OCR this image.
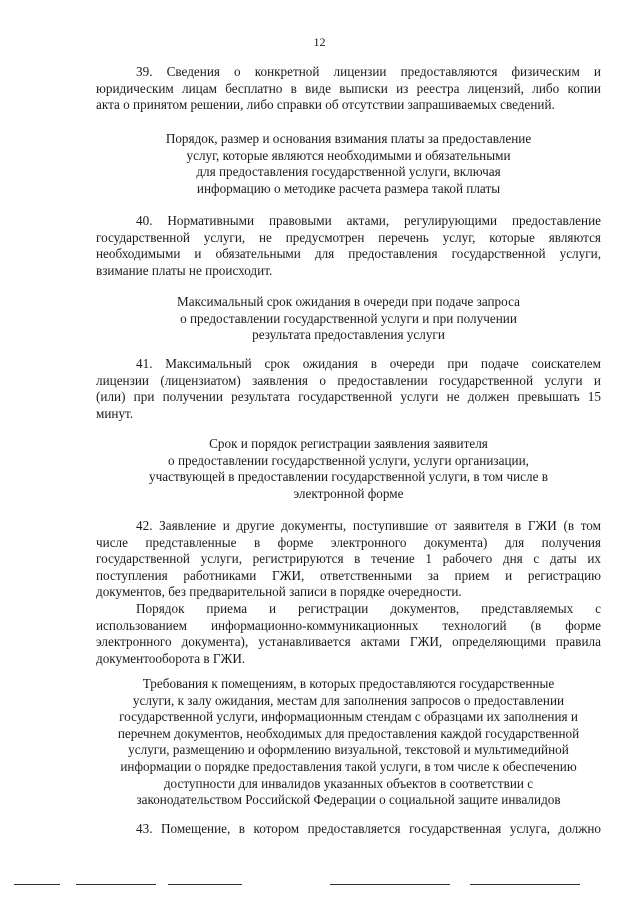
12

39. Сведения о конкретной лицензии предоставляются физическим и
юридическим лицам бесплатно в виде выписки из реестра лицензий, либо копии
акта о принятом решении, либо справки об отсутствии запрашиваемых сведений.

Порядок, размер и основания взимания платы за предоставление
услуг, которые являются необходимыми и обязательными
для предоставления государственной услуги, включая
информацию о методике расчета размера такой платы

40. Нормативными правовыми актами, регулирующими предоставление
государственной услуги, не предусмотрен перечень услуг, которые являются
необходимыми и обязательными для предоставления государственной услуги,
взимание платы не происходит.

Максимальный срок ожидания в очереди при подаче запроса
о предоставлении государственной услуги и при получении
результата предоставления услуги

41. Максимальный срок ожидания в очереди при подаче соискателем
лицензии (лицензиатом) заявления о предоставлении государственной услуги и
(или) при получении результата государственной услуги не должен превышать 15
минут.

Срок и порядок регистрации заявления заявителя
о предоставлении государственной услуги, услуги организации,
участвующей в предоставлении государственной услуги, в том числе в
электронной форме

42. Заявление и другие документы, поступившие от заявителя в ГЖИ (в том
числе представленные в форме электронного документа) для получения
государственной услуги, регистрируются в течение 1 рабочего дня с даты их
поступления работниками ГЖИ, ответственными за прием и регистрацию
документов, без предварительной записи в порядке очередности.

Порядок приема и регистрации документов, представляемых с
использованием информационно-коммуникационных технологий (в форме
электронного документа), устанавливается актами ГЖИ, определяющими правила
документооборота в ГЖИ.

Требования к помещениям, в которых предоставляются государственные
услуги, к залу ожидания, местам для заполнения запросов о предоставлении
государственной услуги, информационным стендам с образцами их заполнения и
перечнем документов, необходимых для предоставления каждой государственной
услуги, размещению и оформлению визуальной, текстовой и мультимедийной
информации о порядке предоставления такой услуги, в том числе к обеспечению
доступности для инвалидов указанных объектов в соответствии с
законодательством Российской Федерации о социальной защите инвалидов

43. Помещение, в котором предоставляется государственная услуга, должно
